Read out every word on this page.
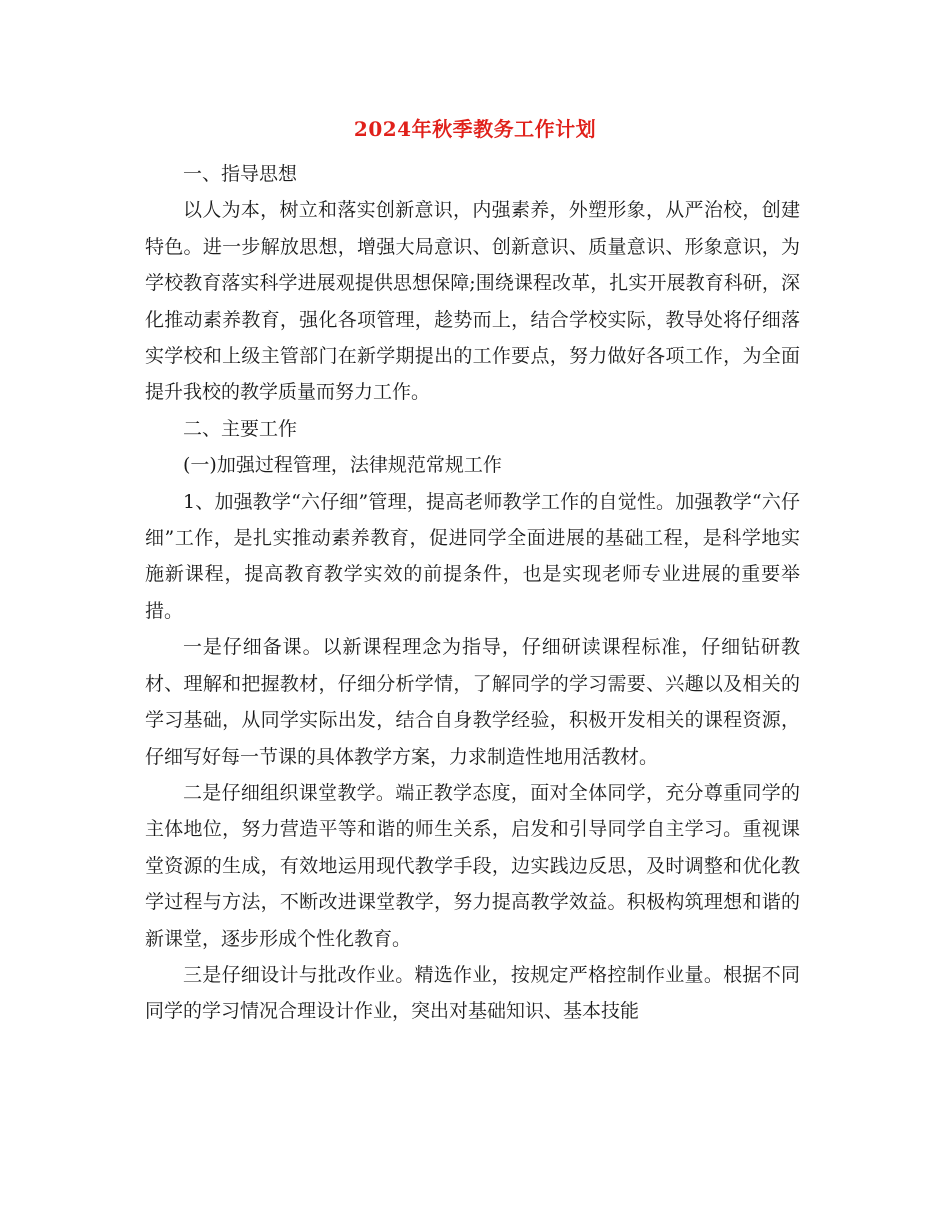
2024年秋季教务工作计划

一、指导思想

以人为本，树立和落实创新意识，内强素养，外塑形象，从严治校，创建特色。进一步解放思想，增强大局意识、创新意识、质量意识、形象意识，为学校教育落实科学进展观提供思想保障;围绕课程改革，扎实开展教育科研，深化推动素养教育，强化各项管理，趁势而上，结合学校实际，教导处将仔细落实学校和上级主管部门在新学期提出的工作要点，努力做好各项工作，为全面提升我校的教学质量而努力工作。

二、主要工作

(一)加强过程管理，法律规范常规工作

1、加强教学“六仔细”管理，提高老师教学工作的自觉性。加强教学“六仔细”工作，是扎实推动素养教育，促进同学全面进展的基础工程，是科学地实施新课程，提高教育教学实效的前提条件，也是实现老师专业进展的重要举措。

一是仔细备课。以新课程理念为指导，仔细研读课程标准，仔细钻研教材、理解和把握教材，仔细分析学情，了解同学的学习需要、兴趣以及相关的学习基础，从同学实际出发，结合自身教学经验，积极开发相关的课程资源，仔细写好每一节课的具体教学方案，力求制造性地用活教材。

二是仔细组织课堂教学。端正教学态度，面对全体同学，充分尊重同学的主体地位，努力营造平等和谐的师生关系，启发和引导同学自主学习。重视课堂资源的生成，有效地运用现代教学手段，边实践边反思，及时调整和优化教学过程与方法，不断改进课堂教学，努力提高教学效益。积极构筑理想和谐的新课堂，逐步形成个性化教育。

三是仔细设计与批改作业。精选作业，按规定严格控制作业量。根据不同同学的学习情况合理设计作业，突出对基础知识、基本技能
